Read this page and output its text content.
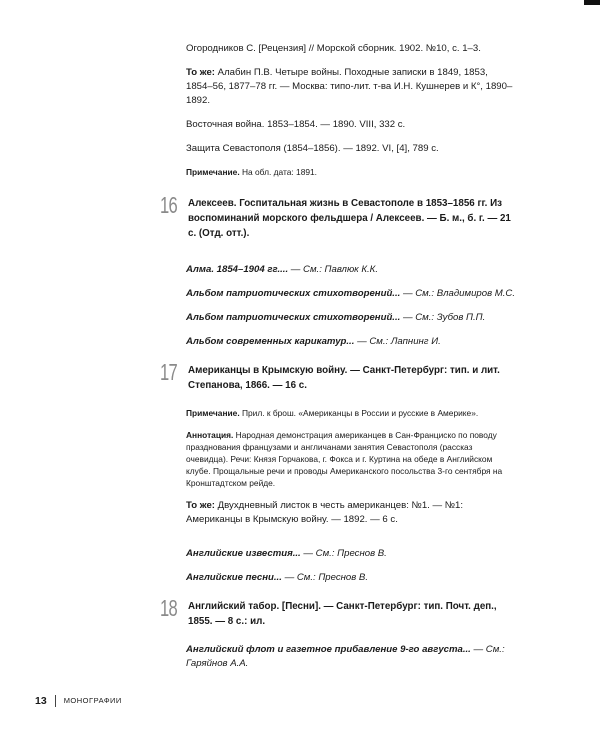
Огородников С. [Рецензия] // Морской сборник. 1902. №10, с. 1–3.

То же: Алабин П.В. Четыре войны. Походные записки в 1849, 1853, 1854–56, 1877–78 гг. — Москва: типо-лит. т-ва И.Н. Кушнерев и К°, 1890–1892.

Восточная война. 1853–1854. — 1890. VIII, 332 с.

Защита Севастополя (1854–1856). — 1892. VI, [4], 789 с.

Примечание. На обл. дата: 1891.

16 Алексеев. Госпитальная жизнь в Севастополе в 1853–1856 гг. Из воспоминаний морского фельдшера / Алексеев. — Б. м., б. г. — 21 с. (Отд. отт.).

Алма. 1854–1904 гг.... — См.: Павлюк К.К.

Альбом патриотических стихотворений... — См.: Владимиров М.С.

Альбом патриотических стихотворений... — См.: Зубов П.П.

Альбом современных карикатур... — См.: Лапнинг И.

17 Американцы в Крымскую войну. — Санкт-Петербург: тип. и лит. Степанова, 1866. — 16 с.

Примечание. Прил. к брош. «Американцы в России и русские в Америке».

Аннотация. Народная демонстрация американцев в Сан-Франциско по поводу празднования французами и англичанами занятия Севастополя (рассказ очевидца). Речи: Князя Горчакова, г. Фокса и г. Куртина на обеде в Английском клубе. Прощальные речи и проводы Американского посольства 3-го сентября на Кронштадтском рейде.

То же: Двухдневный листок в честь американцев: №1. — №1: Американцы в Крымскую войну. — 1892. — 6 с.

Английские известия... — См.: Преснов В.

Английские песни... — См.: Преснов В.

18 Английский табор. [Песни]. — Санкт-Петербург: тип. Почт. деп., 1855. — 8 с.: ил.

Английский флот и газетное прибавление 9-го августа... — См.: Гаряйнов А.А.

13 МОНОГРАФИИ
